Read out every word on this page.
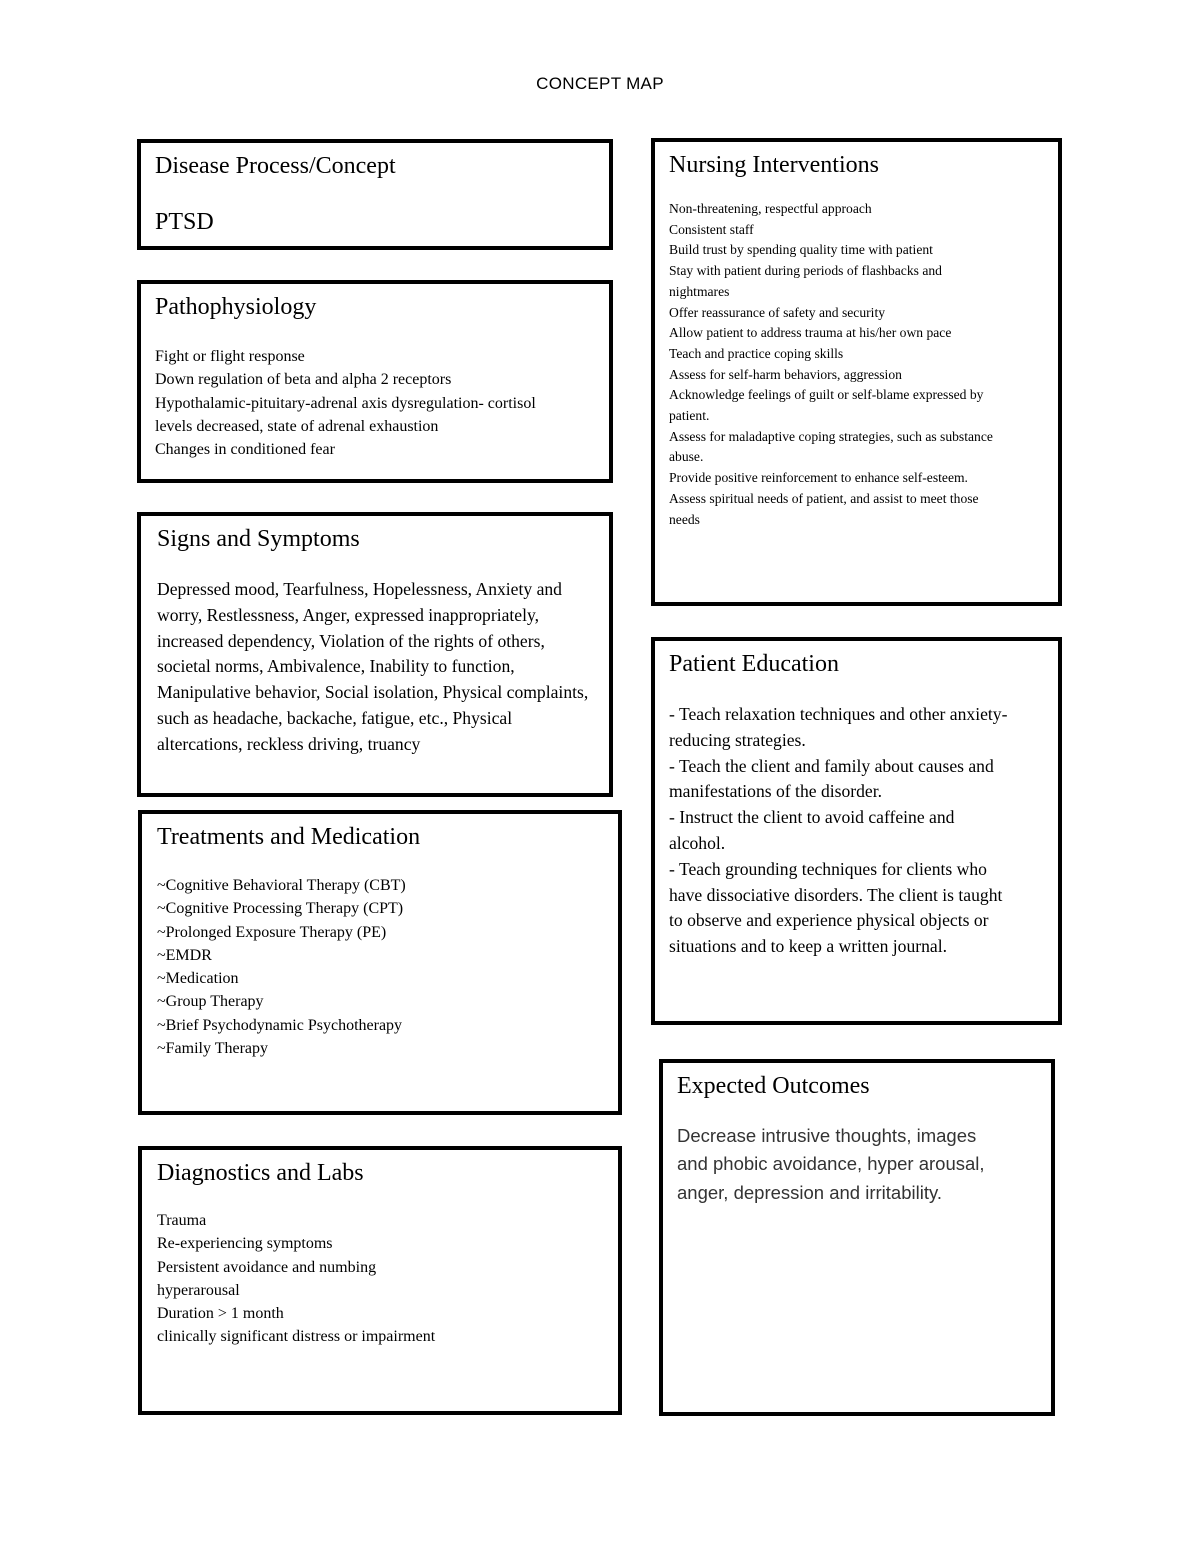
CONCEPT MAP
Disease Process/Concept
PTSD
Pathophysiology
Fight or flight response
Down regulation of beta and alpha 2 receptors
Hypothalamic-pituitary-adrenal axis dysregulation- cortisol
levels decreased, state of adrenal exhaustion
Changes in conditioned fear
Signs and Symptoms

Depressed mood, Tearfulness, Hopelessness, Anxiety and worry, Restlessness, Anger, expressed inappropriately, increased dependency, Violation of the rights of others, societal norms, Ambivalence, Inability to function, Manipulative behavior, Social isolation, Physical complaints, such as headache, backache, fatigue, etc., Physical altercations, reckless driving, truancy

Treatments and Medication
~Cognitive Behavioral Therapy (CBT)
~Cognitive Processing Therapy (CPT)
~Prolonged Exposure Therapy (PE)
~EMDR
~Medication
~Group Therapy
~Brief Psychodynamic Psychotherapy
~Family Therapy
Diagnostics and Labs
Trauma
Re-experiencing symptoms
Persistent avoidance and numbing
hyperarousal
Duration > 1 month
clinically significant distress or impairment
Nursing Interventions
Non-threatening, respectful approach
Consistent staff
Build trust by spending quality time with patient
Stay with patient during periods of flashbacks and
nightmares
Offer reassurance of safety and security
Allow patient to address trauma at his/her own pace
Teach and practice coping skills
Assess for self-harm behaviors, aggression
Acknowledge feelings of guilt or self-blame expressed by
patient.
Assess for maladaptive coping strategies, such as substance
abuse.
Provide positive reinforcement to enhance self-esteem.
Assess spiritual needs of patient, and assist to meet those
needs
Patient Education
- Teach relaxation techniques and other anxiety-
reducing strategies.
- Teach the client and family about causes and
manifestations of the disorder.
- Instruct the client to avoid caffeine and
alcohol.
- Teach grounding techniques for clients who
have dissociative disorders. The client is taught
to observe and experience physical objects or
situations and to keep a written journal.
Expected Outcomes
Decrease intrusive thoughts, images
and phobic avoidance, hyper arousal,
anger, depression and irritability.
